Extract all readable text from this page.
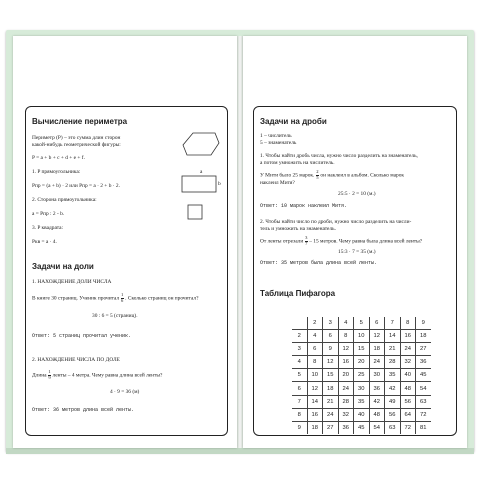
Вычисление периметра
Периметр (P) – это сумма длин сторон
какой-нибудь геометрической фигуры:
P = a + b + c + d + e + f.
1. P прямоугольника:
Pпр = (a + b) · 2 или Pпр = a · 2 + b · 2.
2. Сторона прямоугольника:
a = Pпр : 2 - b.
3. P квадрата:
Pкв = a · 4.
a
b
Задачи на доли
1. НАХОЖДЕНИЕ ДОЛИ ЧИСЛА
В книге 30 страниц. Ученик прочитал $\frac{1}{6}$ . Сколько страниц он прочитал?
30 : 6 = 5 (страниц).
Ответ: 5 страниц прочитал ученик.
2. НАХОЖДЕНИЕ ЧИСЛА ПО ДОЛЕ
Длина $\frac{1}{9}$ ленты – 4 метра. Чему равна длина всей ленты?
4 · 9 = 36 (м)
Ответ: 36 метров длина всей ленты.
Задачи на дроби
1 – числитель
5 – знаменатель
1. Чтобы найти дробь числа, нужно число разделить на знаменатель,
а потом умножить на числитель.
У Мити было 25 марок. $\frac{2}{5}$ он наклеил в альбом. Сколько марок
наклеил Митя?
25:5 · 2 = 10 (м.)
Ответ: 10 марок наклеил Митя.
2. Чтобы найти число по дроби, нужно число разделить на числи-
тель и умножить на знаменатель.
От ленты отрезали $\frac{3}{7} - 15$ метров. Чему равна была длина всей ленты?
15:3 · 7 = 35 (м.)
Ответ: 35 метров была длина всей ленты.
Таблица Пифагора
	2	3	4	5	6	7	8	9
2	4	6	8	10	12	14	16	18
3	6	9	12	15	18	21	24	27
4	8	12	16	20	24	28	32	36
5	10	15	20	25	30	35	40	45
6	12	18	24	30	36	42	48	54
7	14	21	28	35	42	49	56	63
8	16	24	32	40	48	56	64	72
9	18	27	36	45	54	63	72	81
